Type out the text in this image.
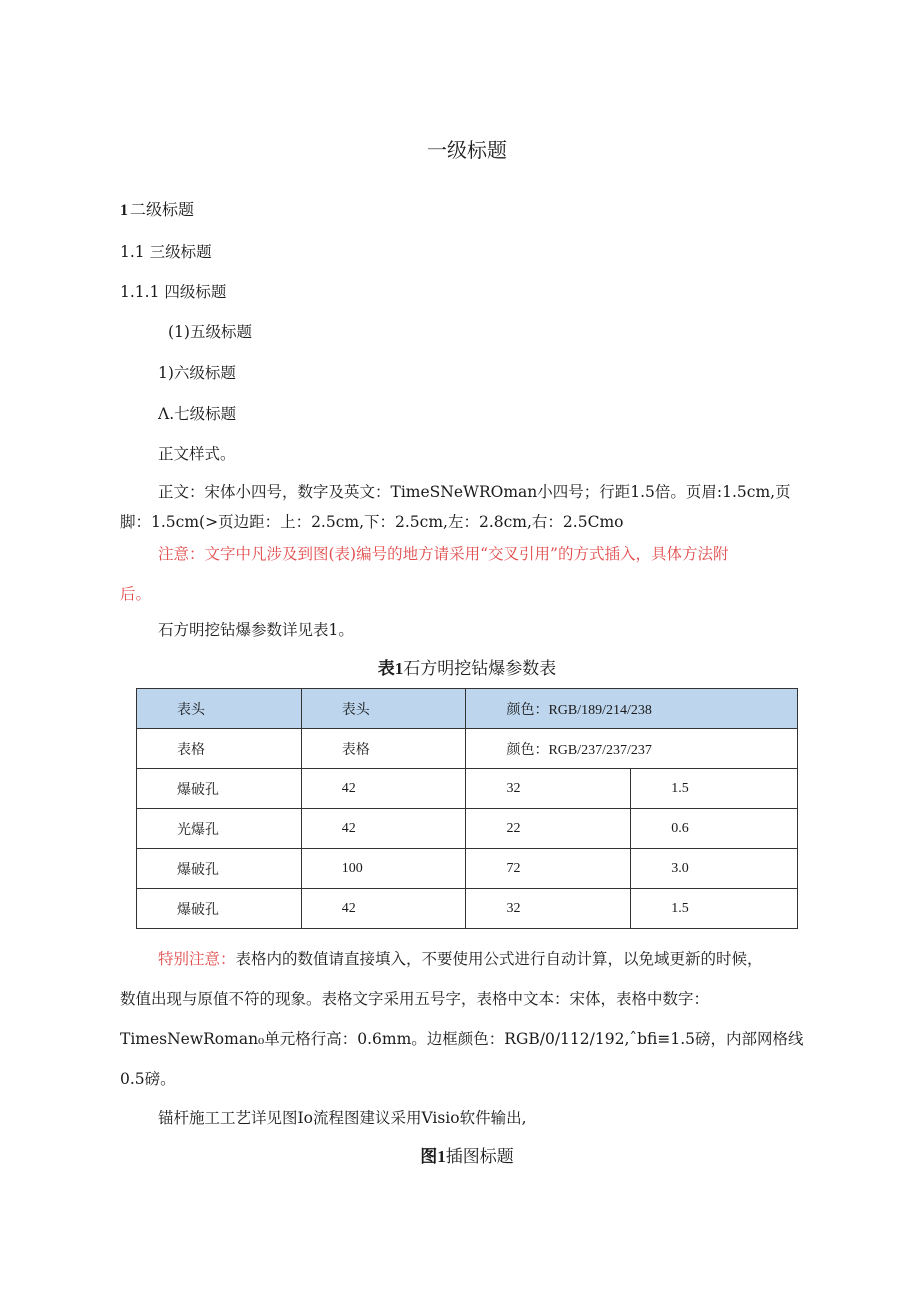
一级标题
1 二级标题
1.1 三级标题
1.1.1 四级标题
(1)五级标题
1)六级标题
Λ.七级标题
正文样式。
正文：宋体小四号，数字及英文：TimeSNeWROman小四号；行距1.5倍。页眉:1.5cm,页
脚：1.5cm(>页边距：上：2.5cm,下：2.5cm,左：2.8cm,右：2.5Cmo
注意：文字中凡涉及到图(表)编号的地方请采用“交叉引用”的方式插入，具体方法附
后。
石方明挖钻爆参数详见表1。
表1石方明挖钻爆参数表
表头	表头	颜色：RGB/189/214/238	
表格	表格	颜色：RGB/237/237/237	
爆破孔	42	32	1.5
光爆孔	42	22	0.6
爆破孔	100	72	3.0
爆破孔	42	32	1.5
特别注意：表格内的数值请直接填入，不要使用公式进行自动计算，以免域更新的时候，
数值出现与原值不符的现象。表格文字采用五号字，表格中文本：宋体，表格中数字：
TimesNewRoman₀单元格行高：0.6mm。边框颜色：RGB/0/112/192,ˆbfi≡1.5磅，内部网格线
0.5磅。
锚杆施工工艺详见图Io流程图建议采用Visio软件输出,
图1插图标题
